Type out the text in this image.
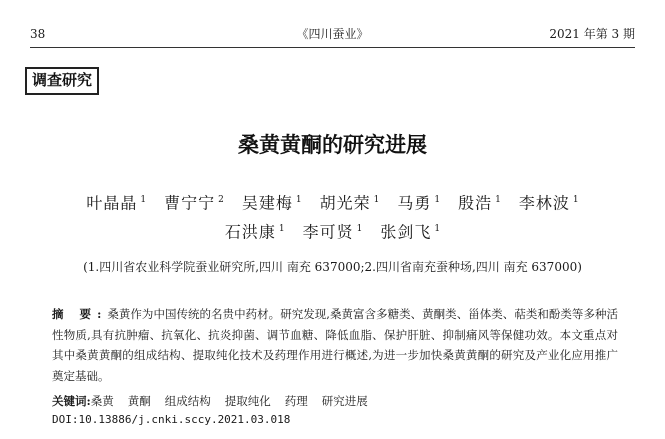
38	《四川蚕业》	2021 年第 3 期
调查研究
桑黄黄酮的研究进展
叶晶晶 $^1$ 曹宁宁 $^2$ 吴建梅 $^1$ 胡光荣 $^1$ 马勇 $^1$ 殷浩 $^1$ 李林波 $^1$
石洪康 $^1$ 李可贤 $^1$ 张剑飞 $^1$
(1.四川省农业科学院蚕业研究所,四川 南充 637000;2.四川省南充蚕种场,四川 南充 637000)
摘 要:桑黄作为中国传统的名贵中药材。研究发现,桑黄富含多糖类、黄酮类、甾体类、萜类和酚类等多种活性物质,具有抗肿瘤、抗氧化、抗炎抑菌、调节血糖、降低血脂、保护肝脏、抑制痛风等保健功效。本文重点对其中桑黄黄酮的组成结构、提取纯化技术及药理作用进行概述,为进一步加快桑黄黄酮的研究及产业化应用推广奠定基础。
关键词:桑黄 黄酮 组成结构 提取纯化 药理 研究进展
DOI:10.13886/j.cnki.sccy.2021.03.018
